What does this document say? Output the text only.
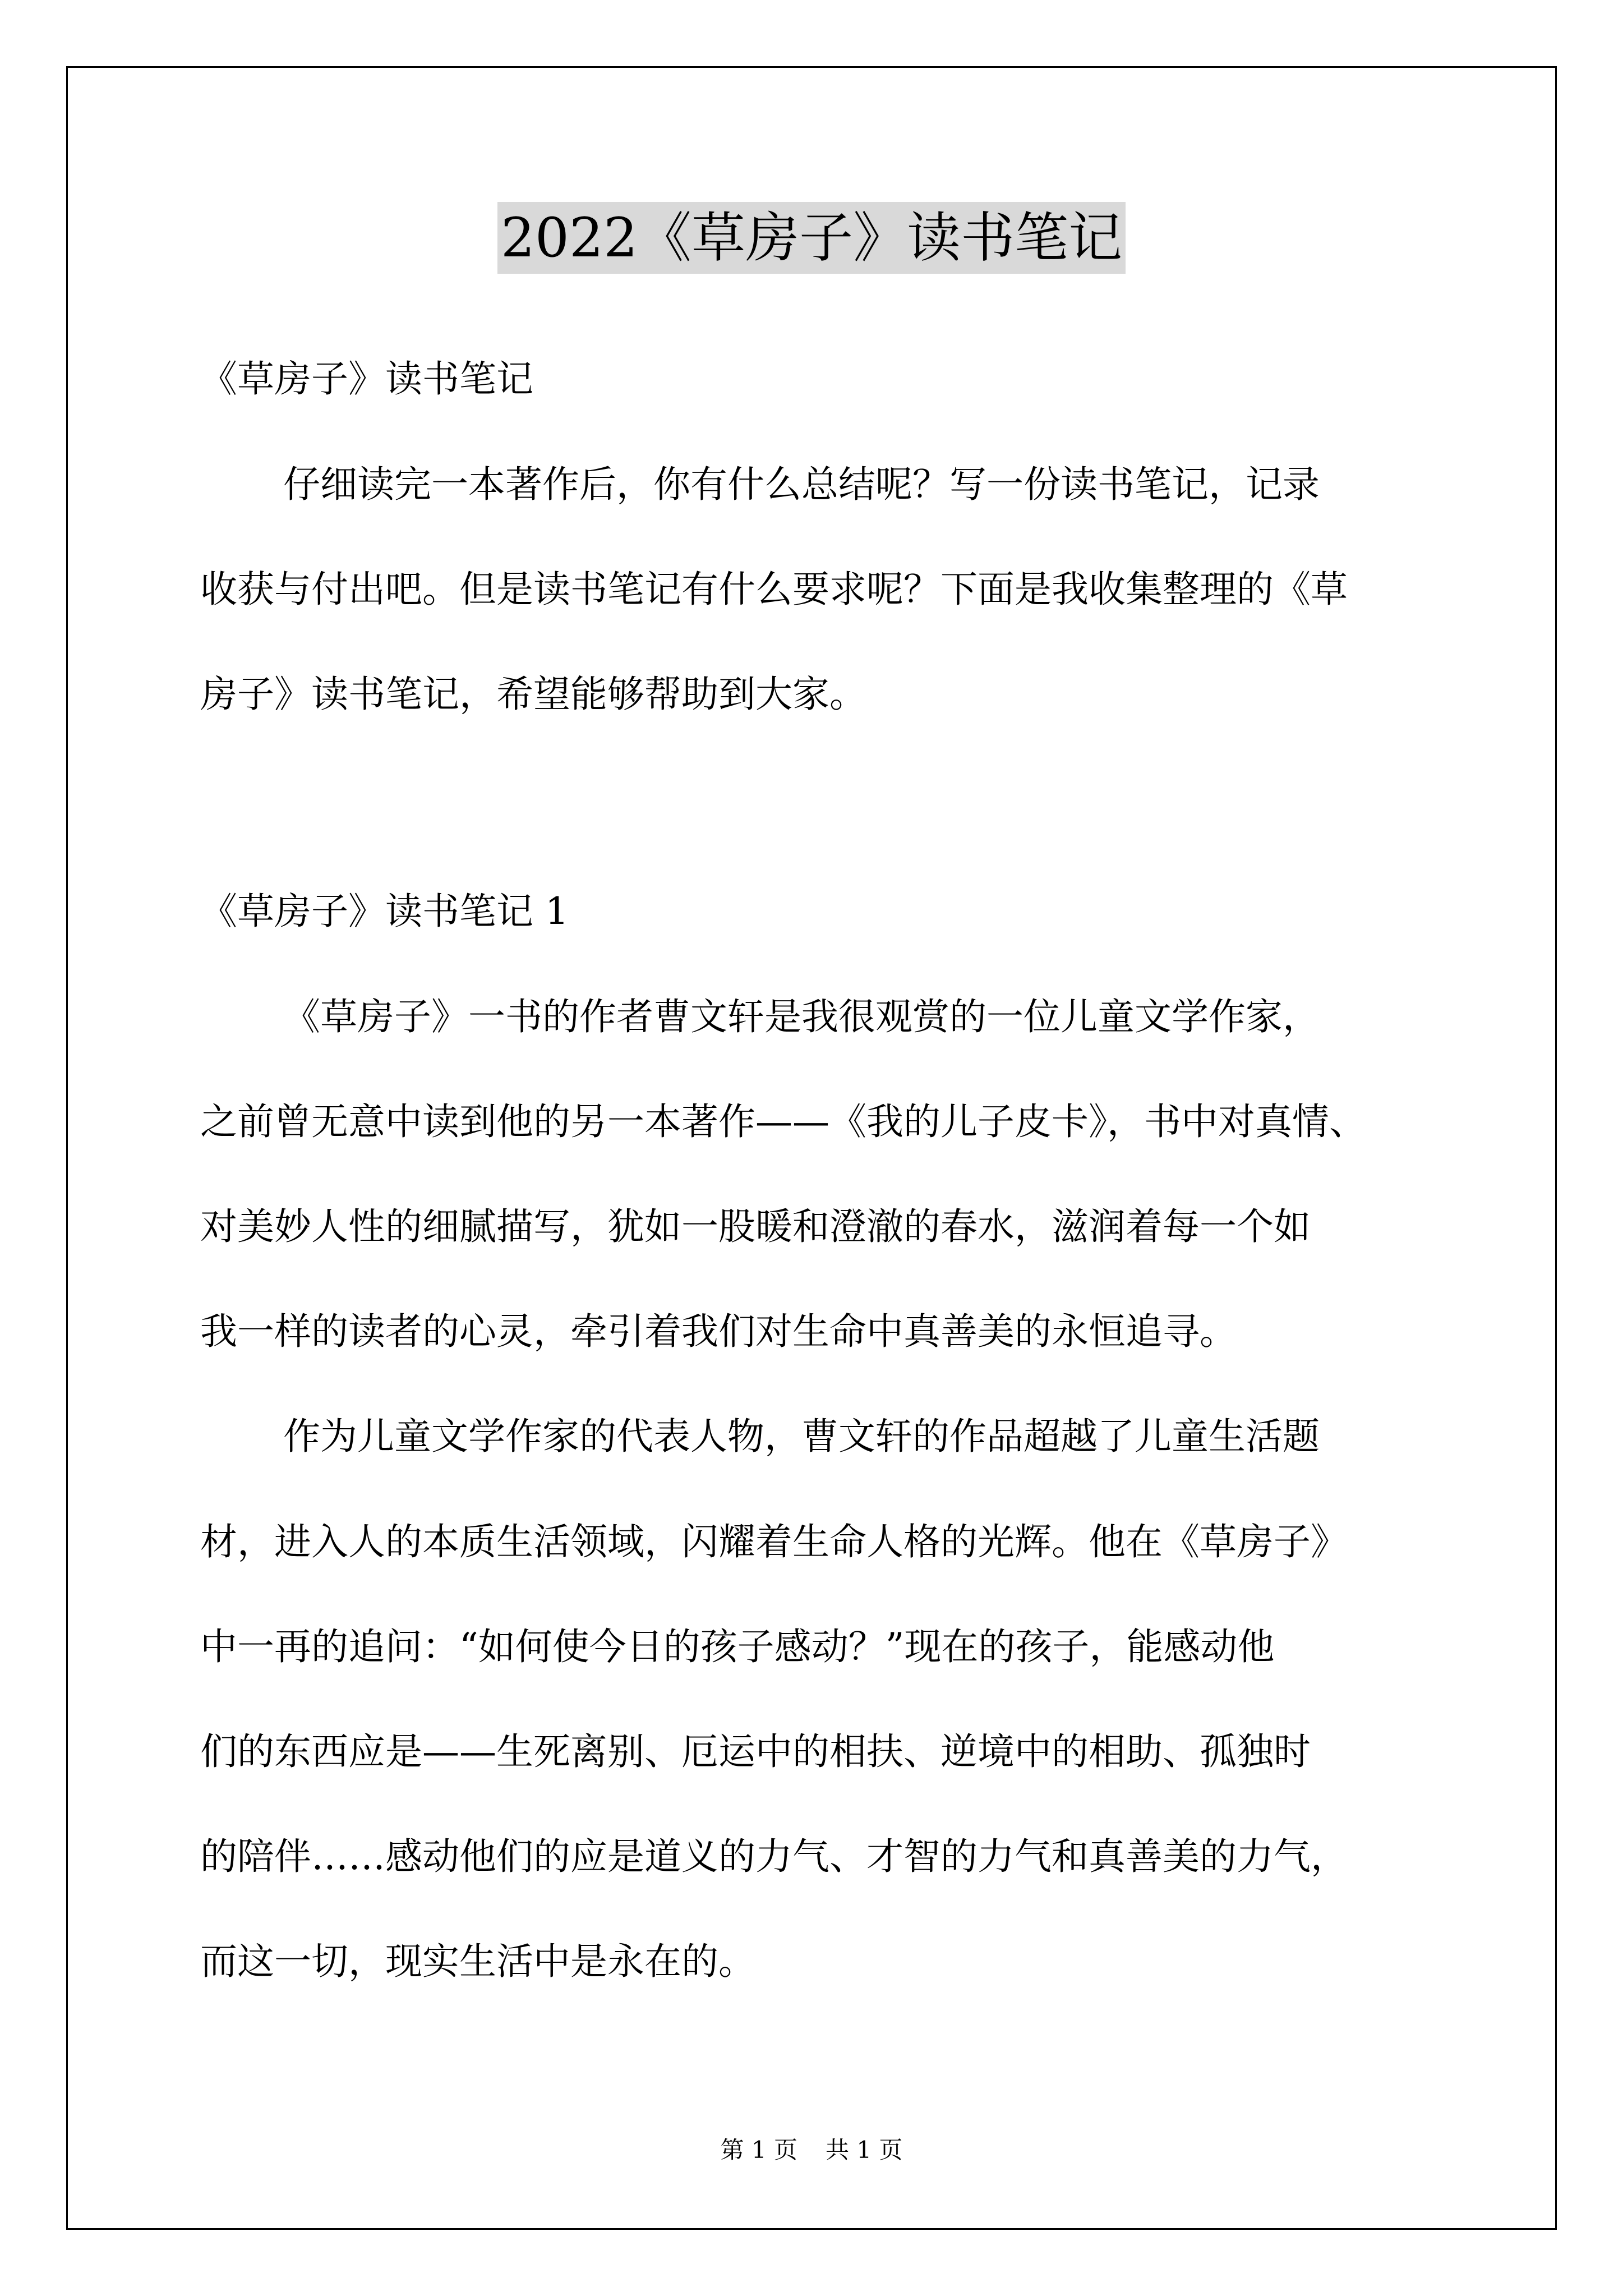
2022《草房子》读书笔记
《草房子》读书笔记
仔细读完一本著作后，你有什么总结呢？写一份读书笔记，记录
收获与付出吧。但是读书笔记有什么要求呢？下面是我收集整理的《草
房子》读书笔记，希望能够帮助到大家。
《草房子》读书笔记 1
《草房子》一书的作者曹文轩是我很观赏的一位儿童文学作家，
之前曾无意中读到他的另一本著作——《我的儿子皮卡》，书中对真情、
对美妙人性的细腻描写，犹如一股暖和澄澈的春水，滋润着每一个如
我一样的读者的心灵，牵引着我们对生命中真善美的永恒追寻。
作为儿童文学作家的代表人物，曹文轩的作品超越了儿童生活题
材，进入人的本质生活领域，闪耀着生命人格的光辉。他在《草房子》
中一再的追问：“如何使今日的孩子感动？”现在的孩子，能感动他
们的东西应是——生死离别、厄运中的相扶、逆境中的相助、孤独时
的陪伴……感动他们的应是道义的力气、才智的力气和真善美的力气，
而这一切，现实生活中是永在的。
第 1 页 共 1 页
